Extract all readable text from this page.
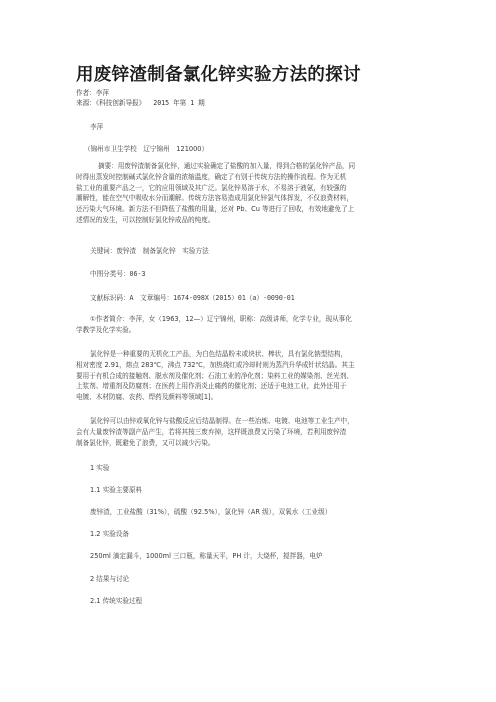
用废锌渣制备氯化锌实验方法的探讨
作者：李萍
来源：《科技创新导报》 2015 年第 1 期
李萍
（锦州市卫生学校　辽宁锦州　121000）
摘要：用废锌渣制备氯化锌，通过实验确定了盐酸的加入量，得到合格的氯化锌产品，同
时得出蒸发时控制碱式氯化锌含量的浓缩温度，确定了有别于传统方法的操作流程。作为无机
盐工业的重要产品之一，它的应用领域及其广泛。氯化锌易溶于水，不易溶于液氨，有较强的
潮解性，能在空气中吸收水分而潮解。传统方法容易造成用氯化锌氯气体挥发，不仅浪费材料，
还污染大气环境。新方法不但降低了盐酸的用量，还对 Pb、Cu 等进行了回收，有效地避免了上
述情况的发生，可以控制好氯化锌成品的纯度。
关键词：废锌渣　制备氯化锌　实验方法
中图分类号：06-3
文献标识码：A　文章编号：1674-098X（2015）01（a）-0090-01
①作者简介：李萍，女（1963，12—）辽宁锦州，职称：高级讲师，化学专业，现从事化
学教学及化学实验。
氯化锌是一种重要的无机化工产品，为白色结晶粉末或块状、棒状，具有氯化钠型结构，
相对密度 2.91，熔点 283℃，沸点 732℃，加热烧红或冷却时则为蒸汽升华成针状结晶。其主
要用于有机合成的接触剂、脱水剂及催化剂；石油工业的净化剂；染料工业的媒染剂、丝光剂、
上浆剂、增重剂及防腐剂；在医药上用作消炎止痛药的催化剂；还适于电池工业，此外还用于
电镀、木材防腐、农药、焊药及颜料等领域[1]。
氯化锌可以由锌或氧化锌与盐酸反应后结晶制得。在一些冶炼、电镀、电池等工业生产中，
会有大量废锌渣等副产品产生，若将其按三废弃掉，这样既浪费又污染了环境，若利用废锌渣
制备氯化锌，既避免了浪费，又可以减少污染。
1 实验
1.1 实验主要原料
废锌渣，工业盐酸（31%），硫酸（92.5%），氯化锌（AR 级），双氧水（工业级）
1.2 实验设备
250ml 滴定漏斗，1000ml 三口瓶，称量天平，PH 计，大烧杯，搅拌器，电炉
2 结果与讨论
2.1 传统实验过程
